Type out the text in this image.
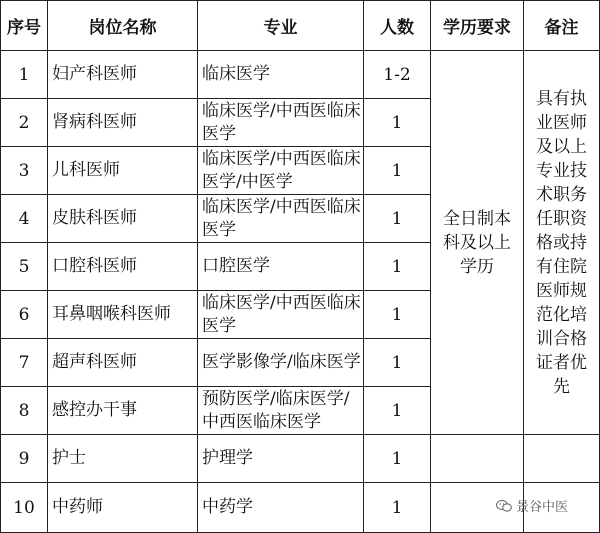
序号	岗位名称	专业	人数	学历要求	备注
1	妇产科医师	临床医学	1-2	全日制本科及以上学历	具有执业医师及以上专业技术职务任职资格或持有住院医师规范化培训合格证者优先
2	肾病科医师	临床医学/中西医临床医学	1		
3	儿科医师	临床医学/中西医临床医学/中医学	1		
4	皮肤科医师	临床医学/中西医临床医学	1		
5	口腔科医师	口腔医学	1		
6	耳鼻咽喉科医师	临床医学/中西医临床医学	1		
7	超声科医师	医学影像学/临床医学	1		
8	感控办干事	预防医学/临床医学/中西医临床医学	1		
9	护士	护理学	1		
10	中药师	中药学	1			景谷中医
